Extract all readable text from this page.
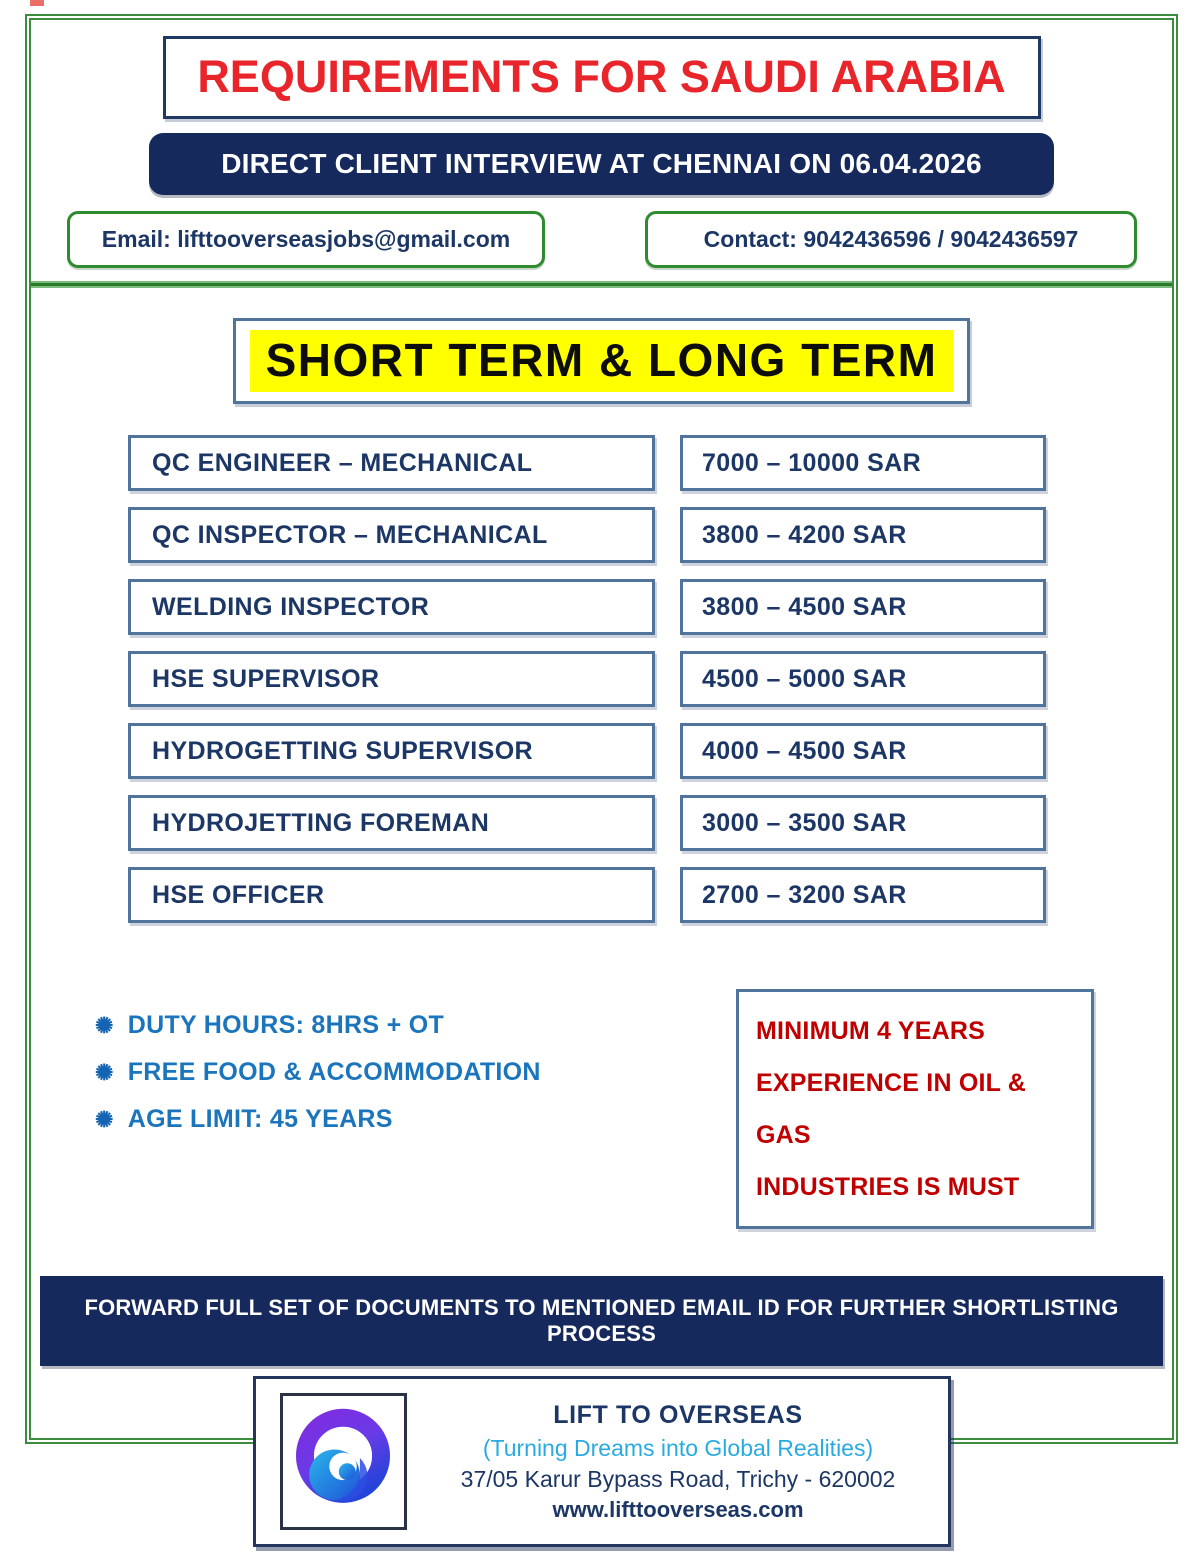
REQUIREMENTS FOR SAUDI ARABIA
DIRECT CLIENT INTERVIEW AT CHENNAI ON 06.04.2026
Email: lifttooverseasjobs@gmail.com	Contact: 9042436596 / 9042436597
SHORT TERM & LONG TERM
QC ENGINEER – MECHANICAL	7000 – 10000 SAR
QC INSPECTOR – MECHANICAL	3800 – 4200 SAR
WELDING INSPECTOR	3800 – 4500 SAR
HSE SUPERVISOR	4500 – 5000 SAR
HYDROGETTING SUPERVISOR	4000 – 4500 SAR
HYDROJETTING FOREMAN	3000 – 3500 SAR
HSE OFFICER	2700 – 3200 SAR
✺ DUTY HOURS: 8HRS + OT
✺ FREE FOOD & ACCOMMODATION
✺ AGE LIMIT: 45 YEARS
MINIMUM 4 YEARS
EXPERIENCE IN OIL & GAS
INDUSTRIES IS MUST
FORWARD FULL SET OF DOCUMENTS TO MENTIONED EMAIL ID FOR FURTHER SHORTLISTING PROCESS
LIFT TO OVERSEAS
(Turning Dreams into Global Realities)
37/05 Karur Bypass Road, Trichy - 620002
www.lifttooverseas.com
